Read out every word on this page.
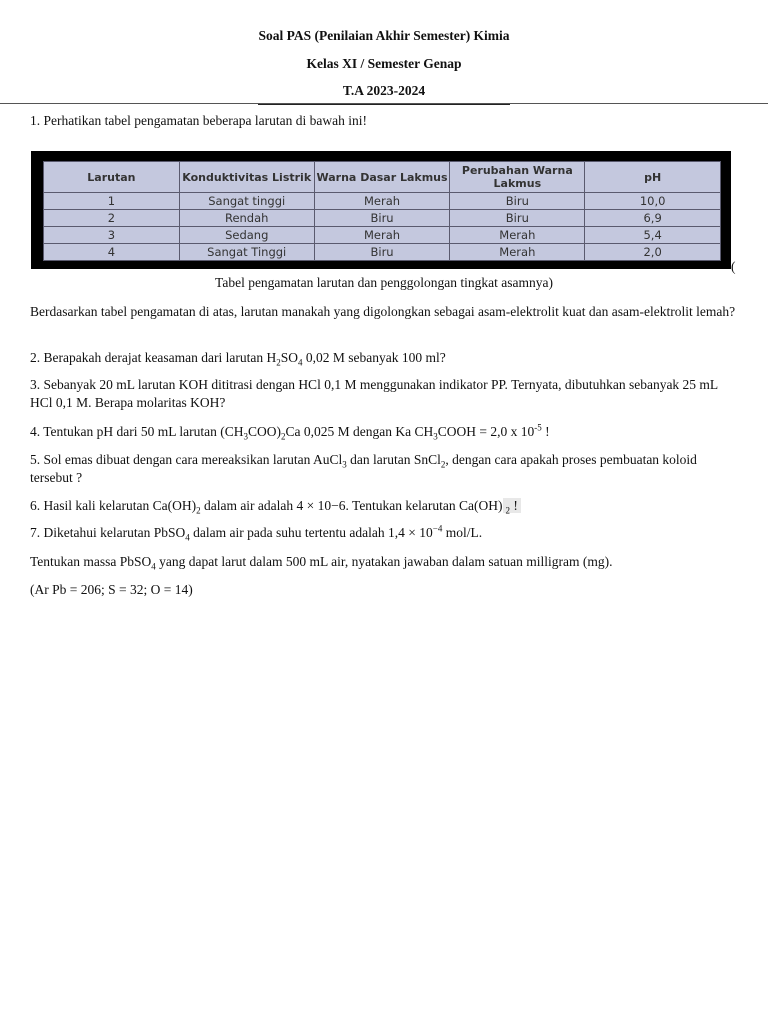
Soal PAS (Penilaian Akhir Semester) Kimia
Kelas XI / Semester Genap
T.A 2023-2024

1. Perhatikan tabel pengamatan beberapa larutan di bawah ini!

Larutan	Konduktivitas Listrik	Warna Dasar Lakmus	Perubahan Warna Lakmus	pH
1	Sangat tinggi	Merah	Biru	10,0
2	Rendah	Biru	Biru	6,9
3	Sedang	Merah	Merah	5,4
4	Sangat Tinggi	Biru	Merah	2,0
(
Tabel pengamatan larutan dan penggolongan tingkat asamnya)

Berdasarkan tabel pengamatan di atas, larutan manakah yang digolongkan sebagai asam-elektrolit kuat dan asam-elektrolit lemah?

2. Berapakah derajat keasaman dari larutan $H_2SO_4$ 0,02 M sebanyak 100 ml?

3. Sebanyak 20 mL larutan KOH dititrasi dengan HCl 0,1 M menggunakan indikator PP. Ternyata, dibutuhkan sebanyak 25 mL HCl 0,1 M. Berapa molaritas KOH?

4. Tentukan pH dari 50 mL larutan $(CH_3COO)_2Ca$ 0,025 M dengan Ka $CH_3COOH = 2,0$ x $10^{-5}$ !

5. Sol emas dibuat dengan cara mereaksikan larutan AuCl$_3$ dan larutan SnCl$_2$, dengan cara apakah proses pembuatan koloid tersebut ?

6. Hasil kali kelarutan $Ca(OH)_2$ dalam air adalah 4 × 10−6. Tentukan kelarutan Ca(OH) $_2$ !

7. Diketahui kelarutan PbSO$_4$ dalam air pada suhu tertentu adalah $1,4 \times 10^{-4}$ mol/L.

Tentukan massa PbSO$_4$ yang dapat larut dalam 500 mL air, nyatakan jawaban dalam satuan milligram (mg).

(Ar Pb = 206; S = 32; O = 14)
